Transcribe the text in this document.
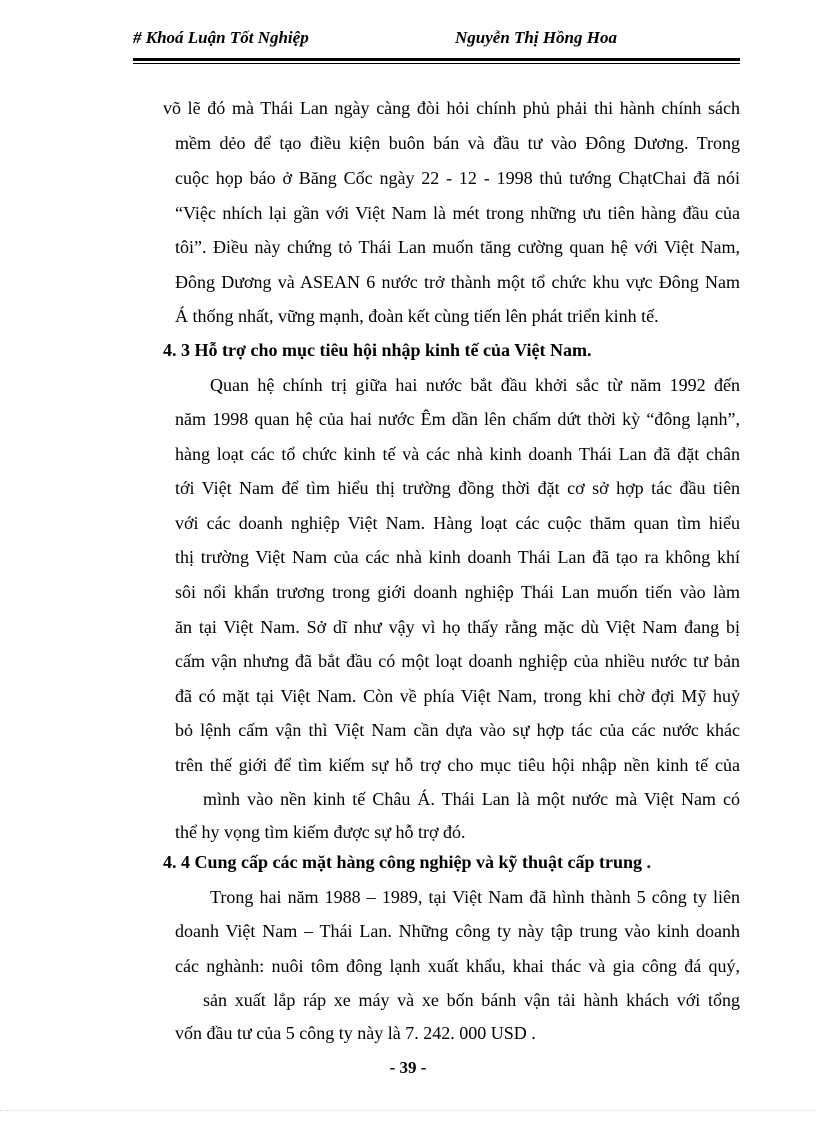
# Khoá Luận Tốt Nghiệp	Nguyễn Thị Hồng Hoa
võ lẽ đó mà Thái Lan ngày càng đòi hỏi chính phủ phải thi hành chính sách
mềm dẻo để tạo điều kiện buôn bán và đầu tư vào Đông Dương. Trong
cuộc họp báo ở Băng Cốc ngày 22 - 12 - 1998 thủ tướng ChạtChai đã nói
“Việc nhích lại gần với Việt Nam là mét trong những ưu tiên hàng đầu của
tôi”. Điều này chứng tỏ Thái Lan muốn tăng cường quan hệ với Việt Nam,
Đông Dương và ASEAN 6 nước trở thành một tổ chức khu vực Đông Nam
Á thống nhất, vững mạnh, đoàn kết cùng tiến lên phát triển kinh tế.
4. 3 Hỗ trợ cho mục tiêu hội nhập kinh tế của Việt Nam.
Quan hệ chính trị giữa hai nước bắt đầu khởi sắc từ năm 1992 đến
năm 1998 quan hệ của hai nước Êm dần lên chấm dứt thời kỳ “đông lạnh”,
hàng loạt các tổ chức kinh tế và các nhà kinh doanh Thái Lan đã đặt chân
tới Việt Nam để tìm hiểu thị trường đồng thời đặt cơ sở hợp tác đầu tiên
với các doanh nghiệp Việt Nam. Hàng loạt các cuộc thăm quan tìm hiểu
thị trường Việt Nam của các nhà kinh doanh Thái Lan đã tạo ra không khí
sôi nổi khẩn trương trong giới doanh nghiệp Thái Lan muốn tiến vào làm
ăn tại Việt Nam. Sở dĩ như vậy vì họ thấy rằng mặc dù Việt Nam đang bị
cấm vận nhưng đã bắt đầu có một loạt doanh nghiệp của nhiều nước tư bản
đã có mặt tại Việt Nam. Còn về phía Việt Nam, trong khi chờ đợi Mỹ huỷ
bỏ lệnh cấm vận thì Việt Nam cần dựa vào sự hợp tác của các nước khác
trên thế giới để tìm kiếm sự hỗ trợ cho mục tiêu hội nhập nền kinh tế của
mình vào nền kinh tế Châu Á. Thái Lan là một nước mà Việt Nam có
thể hy vọng tìm kiếm được sự hỗ trợ đó.
4. 4 Cung cấp các mặt hàng công nghiệp và kỹ thuật cấp trung .
Trong hai năm 1988 – 1989, tại Việt Nam đã hình thành 5 công ty liên
doanh Việt Nam – Thái Lan. Những công ty này tập trung vào kinh doanh
các nghành: nuôi tôm đông lạnh xuất khẩu, khai thác và gia công đá quý,
sản xuất lắp ráp xe máy và xe bốn bánh vận tải hành khách với tổng
vốn đầu tư của 5 công ty này là 7. 242. 000 USD .
- 39 -
